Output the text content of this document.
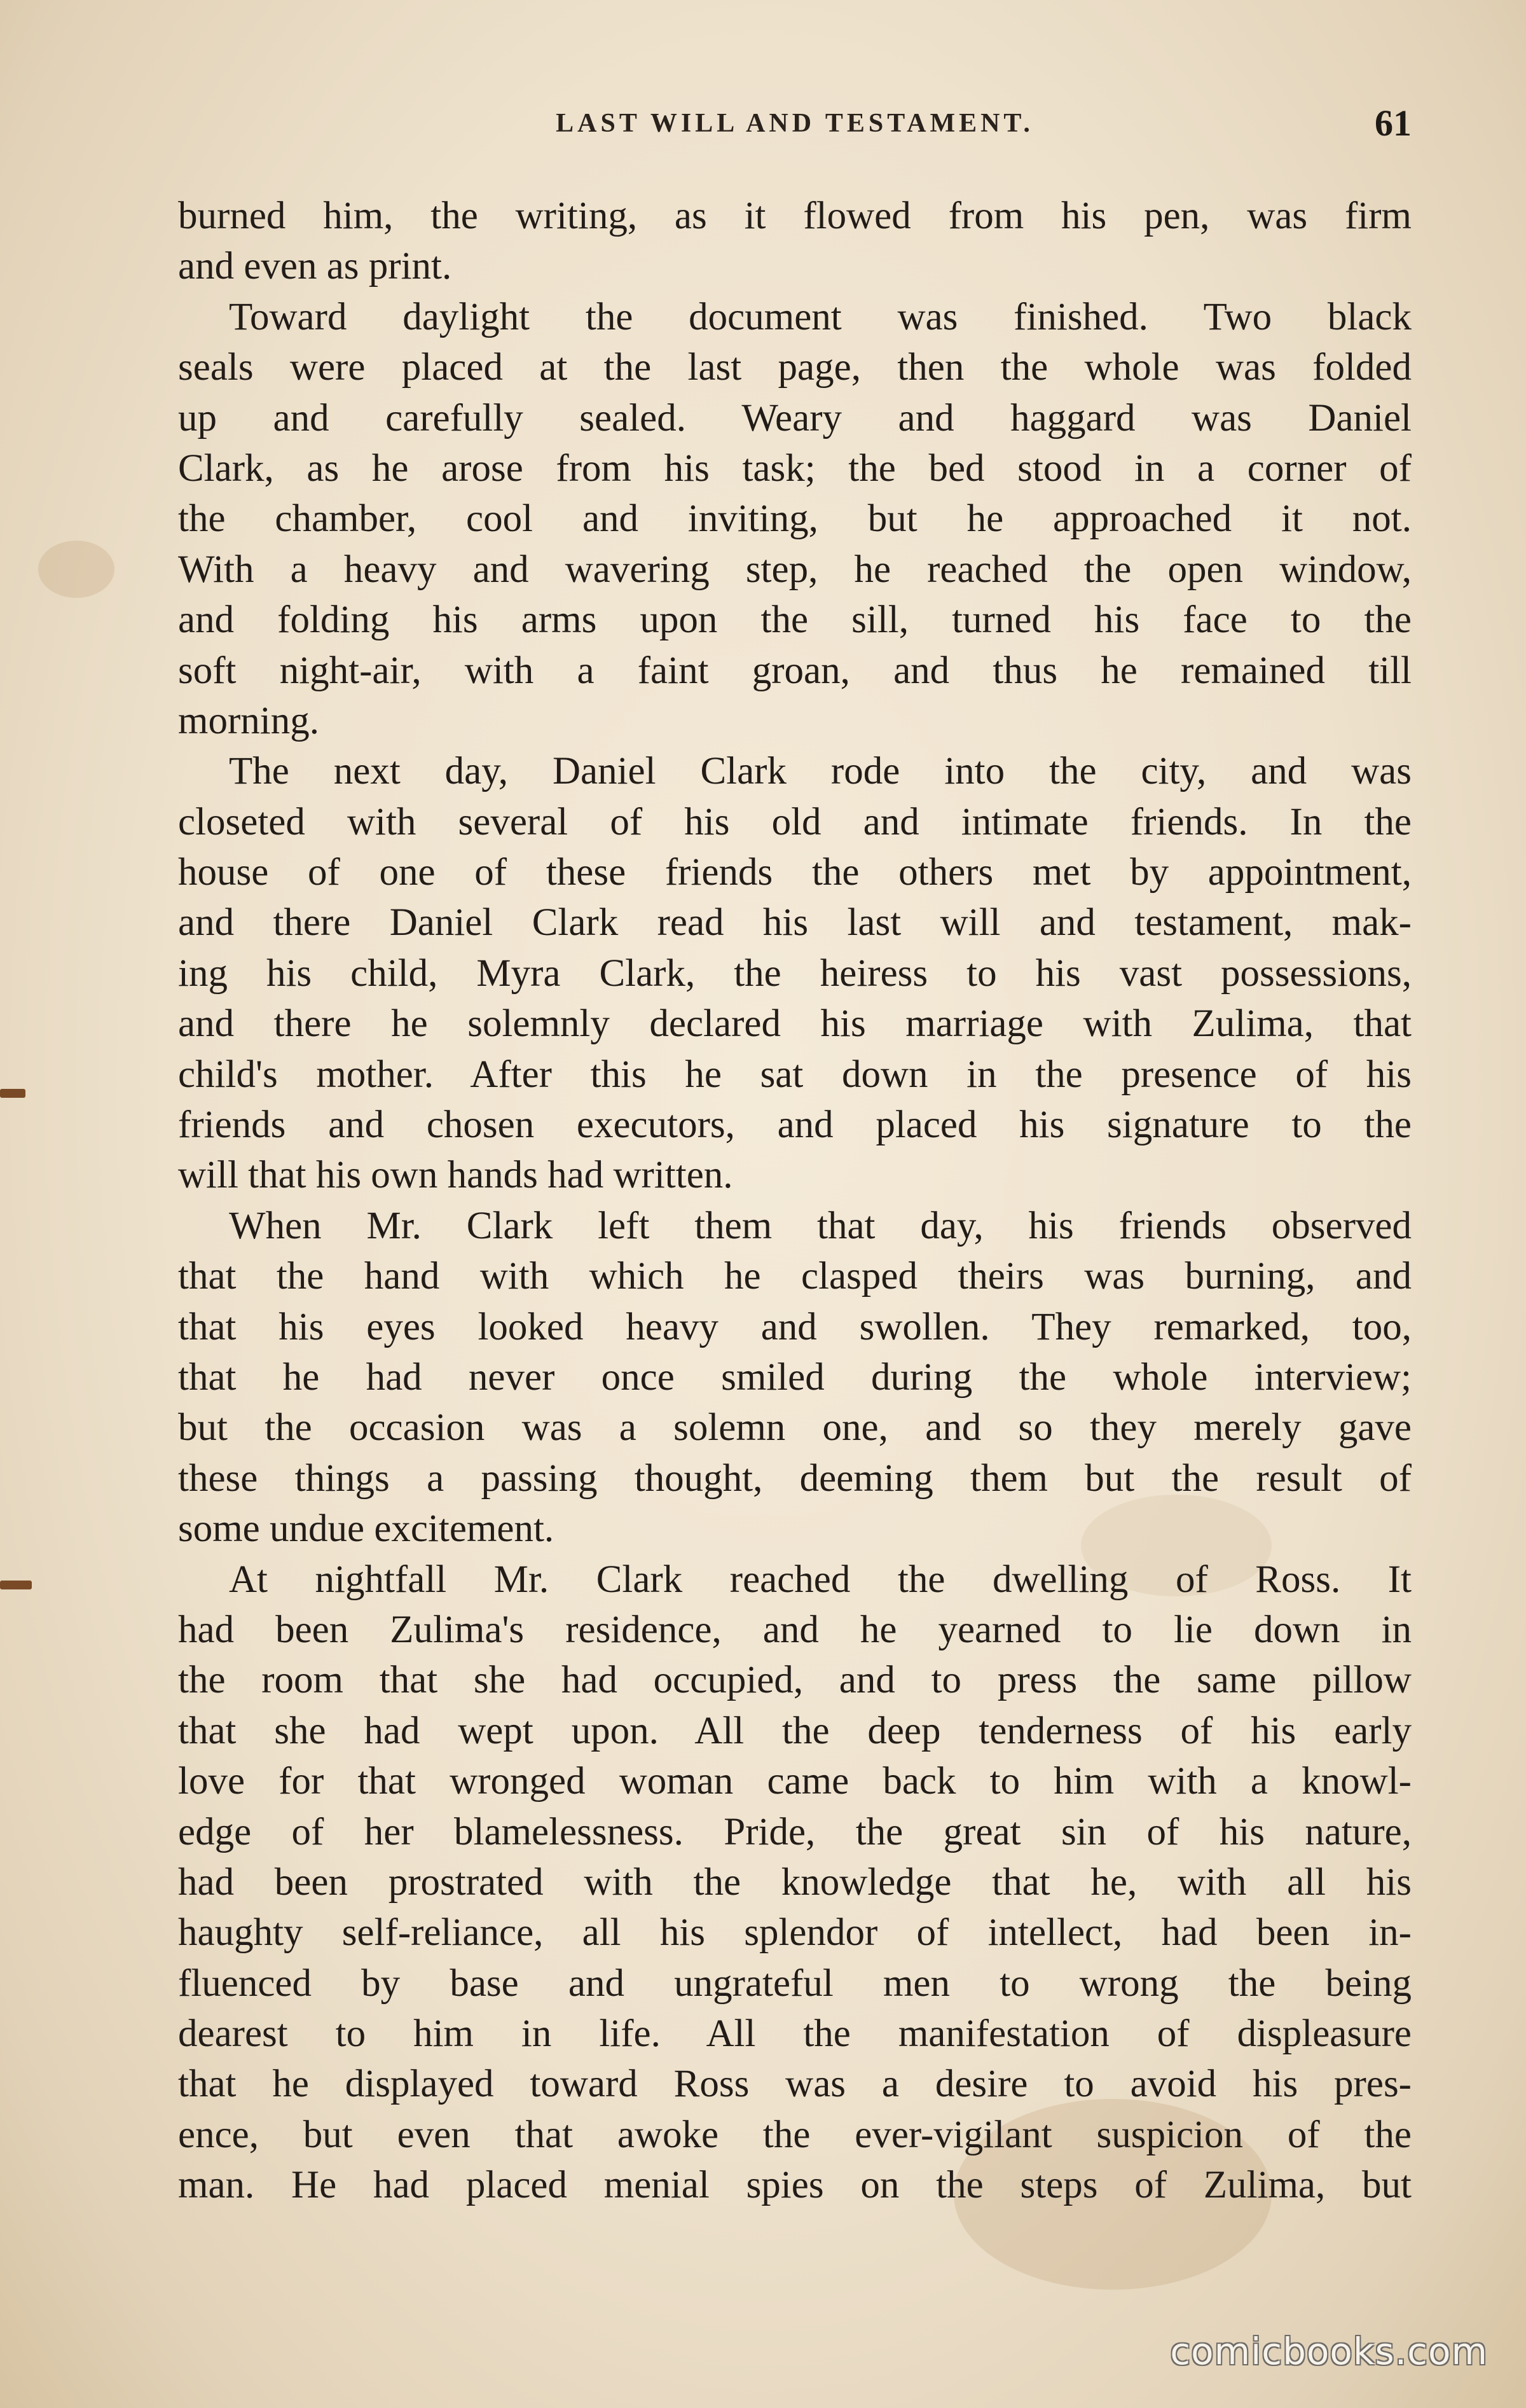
LAST WILL AND TESTAMENT.	61
burned him, the writing, as it flowed from his pen, was firm
and even as print.
Toward daylight the document was finished. Two black
seals were placed at the last page, then the whole was folded
up and carefully sealed. Weary and haggard was Daniel
Clark, as he arose from his task; the bed stood in a corner of
the chamber, cool and inviting, but he approached it not.
With a heavy and wavering step, he reached the open window,
and folding his arms upon the sill, turned his face to the
soft night-air, with a faint groan, and thus he remained till
morning.
The next day, Daniel Clark rode into the city, and was
closeted with several of his old and intimate friends. In the
house of one of these friends the others met by appointment,
and there Daniel Clark read his last will and testament, mak-
ing his child, Myra Clark, the heiress to his vast possessions,
and there he solemnly declared his marriage with Zulima, that
child's mother. After this he sat down in the presence of his
friends and chosen executors, and placed his signature to the
will that his own hands had written.
When Mr. Clark left them that day, his friends observed
that the hand with which he clasped theirs was burning, and
that his eyes looked heavy and swollen. They remarked, too,
that he had never once smiled during the whole interview;
but the occasion was a solemn one, and so they merely gave
these things a passing thought, deeming them but the result of
some undue excitement.
At nightfall Mr. Clark reached the dwelling of Ross. It
had been Zulima's residence, and he yearned to lie down in
the room that she had occupied, and to press the same pillow
that she had wept upon. All the deep tenderness of his early
love for that wronged woman came back to him with a knowl-
edge of her blamelessness. Pride, the great sin of his nature,
had been prostrated with the knowledge that he, with all his
haughty self-reliance, all his splendor of intellect, had been in-
fluenced by base and ungrateful men to wrong the being
dearest to him in life. All the manifestation of displeasure
that he displayed toward Ross was a desire to avoid his pres-
ence, but even that awoke the ever-vigilant suspicion of the
man. He had placed menial spies on the steps of Zulima, but
comicbooks.com
